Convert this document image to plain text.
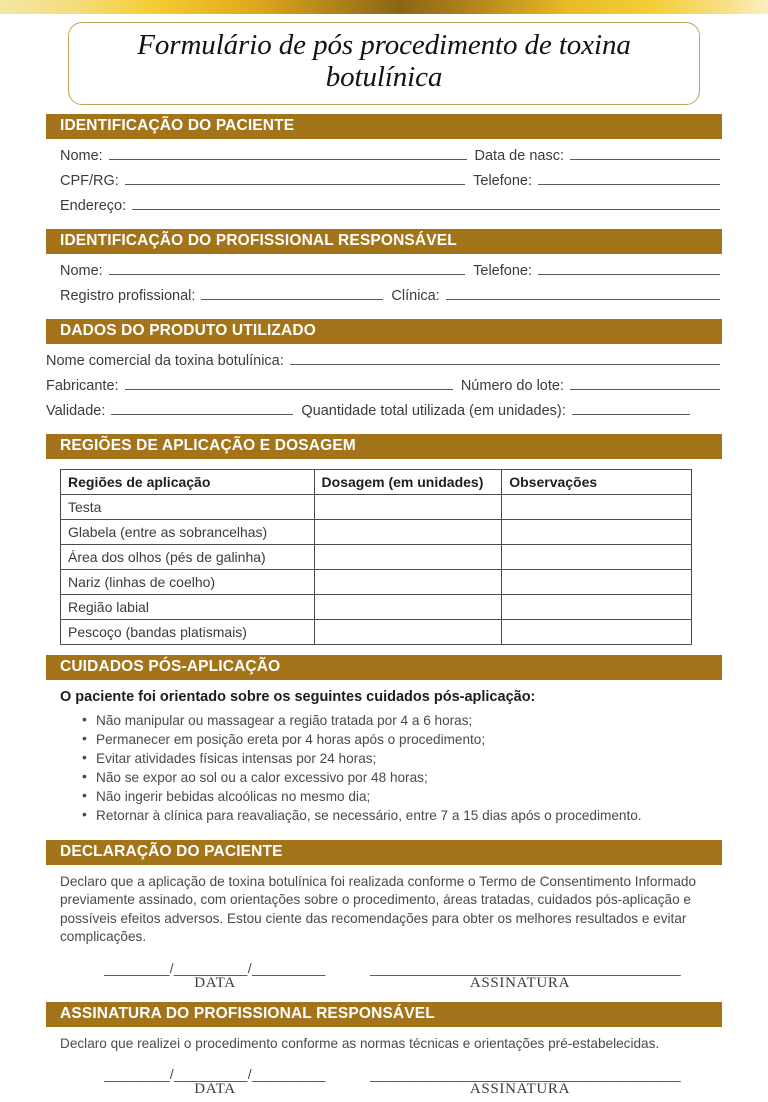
Formulário de pós procedimento de toxina botulínica
IDENTIFICAÇÃO DO PACIENTE
Nome:	Data de nasc:
CPF/RG:	Telefone:
Endereço:
IDENTIFICAÇÃO DO PROFISSIONAL RESPONSÁVEL
Nome:	Telefone:
Registro profissional:	Clínica:
DADOS DO PRODUTO UTILIZADO
Nome comercial da toxina botulínica:
Fabricante:	Número do lote:
Validade:	Quantidade total utilizada (em unidades):
REGIÕES DE APLICAÇÃO E DOSAGEM
Regiões de aplicação	Dosagem (em unidades)	Observações
Testa		
Glabela (entre as sobrancelhas)		
Área dos olhos (pés de galinha)		
Nariz (linhas de coelho)		
Região labial		
Pescoço (bandas platismais)		
CUIDADOS PÓS-APLICAÇÃO
O paciente foi orientado sobre os seguintes cuidados pós-aplicação:
• Não manipular ou massagear a região tratada por 4 a 6 horas;
• Permanecer em posição ereta por 4 horas após o procedimento;
• Evitar atividades físicas intensas por 24 horas;
• Não se expor ao sol ou a calor excessivo por 48 horas;
• Não ingerir bebidas alcoólicas no mesmo dia;
• Retornar à clínica para reavaliação, se necessário, entre 7 a 15 dias após o procedimento.
DECLARAÇÃO DO PACIENTE
Declaro que a aplicação de toxina botulínica foi realizada conforme o Termo de Consentimento Informado previamente assinado, com orientações sobre o procedimento, áreas tratadas, cuidados pós-aplicação e possíveis efeitos adversos. Estou ciente das recomendações para obter os melhores resultados e evitar complicações.
________/_________/_________
DATA
______________________________________
ASSINATURA
ASSINATURA DO PROFISSIONAL RESPONSÁVEL
Declaro que realizei o procedimento conforme as normas técnicas e orientações pré-estabelecidas.
________/_________/_________
DATA
______________________________________
ASSINATURA
